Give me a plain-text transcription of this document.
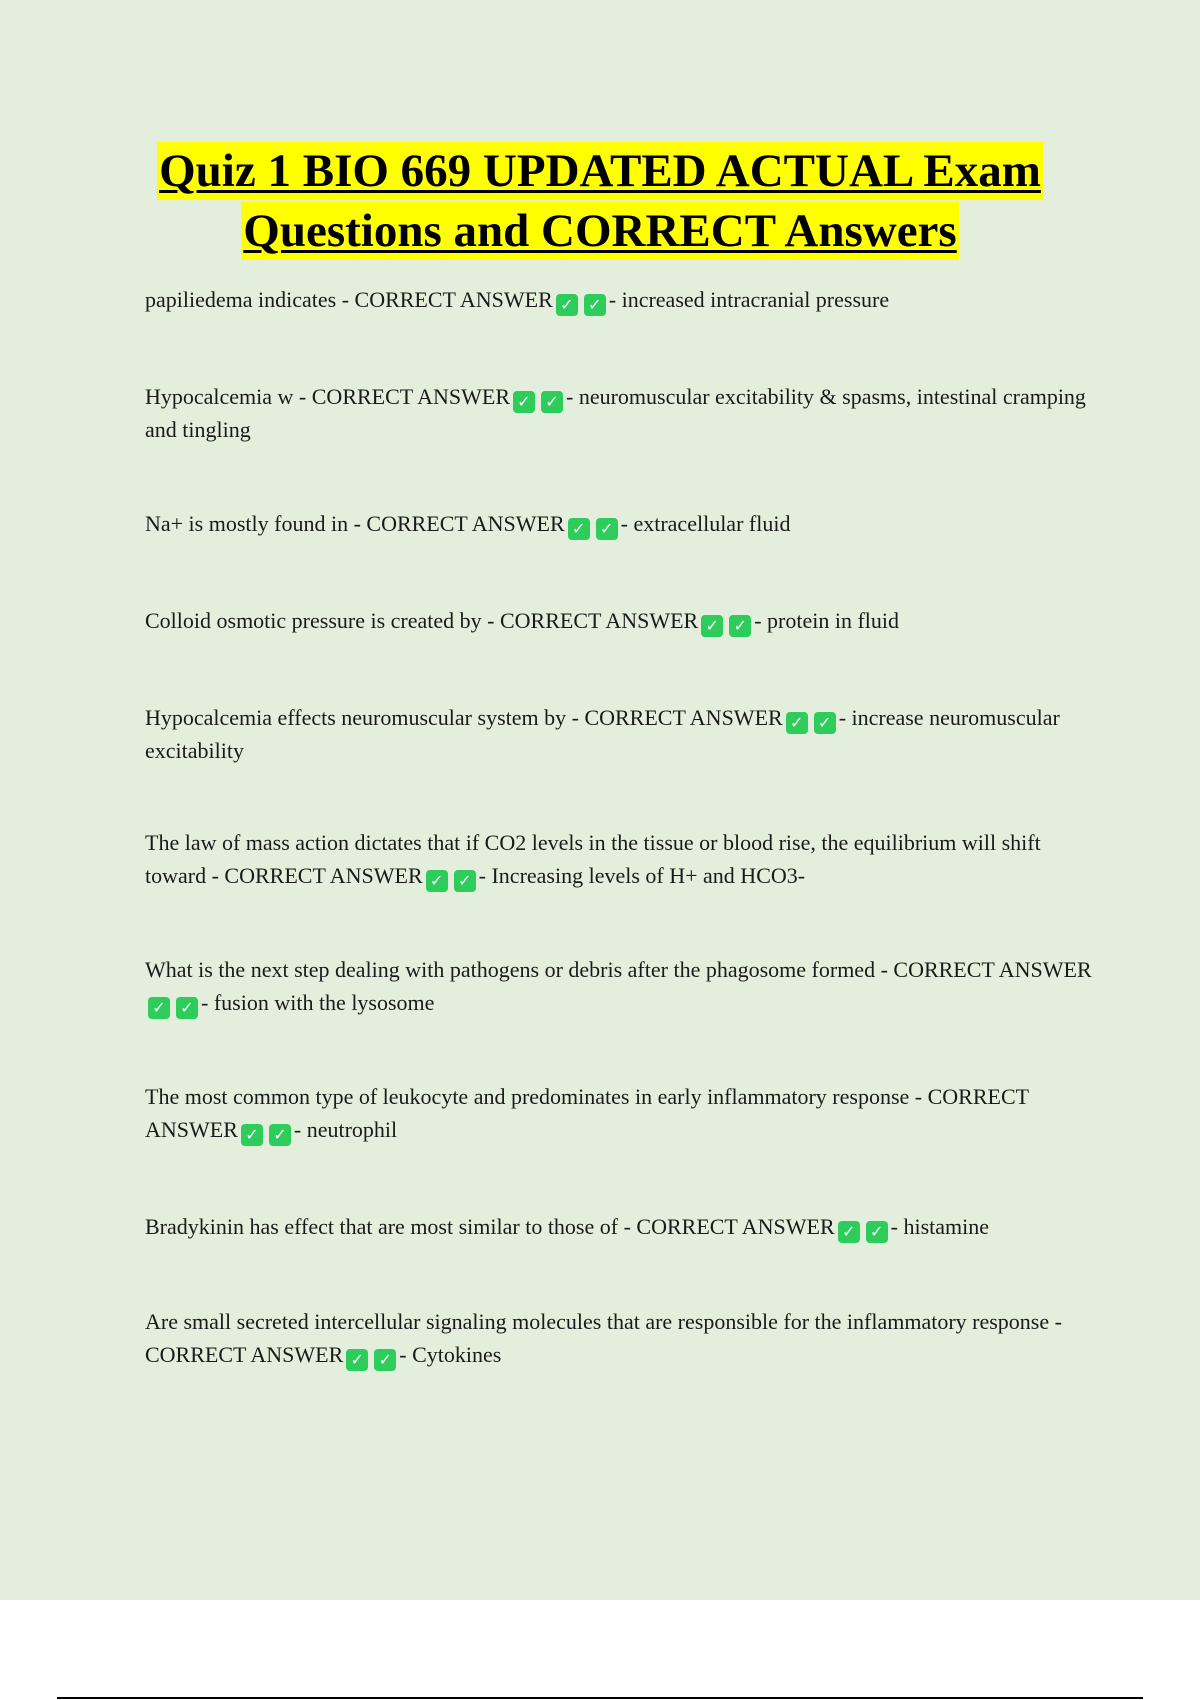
Quiz 1 BIO 669 UPDATED ACTUAL Exam
Questions and CORRECT Answers
papiliedema indicates - CORRECT ANSWER ✓ ✓ - increased intracranial pressure
Hypocalcemia w - CORRECT ANSWER ✓ ✓ - neuromuscular excitability & spasms, intestinal cramping and tingling
Na+ is mostly found in - CORRECT ANSWER ✓ ✓ - extracellular fluid
Colloid osmotic pressure is created by - CORRECT ANSWER ✓ ✓ - protein in fluid
Hypocalcemia effects neuromuscular system by - CORRECT ANSWER ✓ ✓ - increase neuromuscular excitability
The law of mass action dictates that if CO2 levels in the tissue or blood rise, the equilibrium will shift toward - CORRECT ANSWER ✓ ✓ - Increasing levels of H+ and HCO3-
What is the next step dealing with pathogens or debris after the phagosome formed - CORRECT ANSWER✓ ✓ - fusion with the lysosome
The most common type of leukocyte and predominates in early inflammatory response - CORRECT ANSWER ✓ ✓ - neutrophil
Bradykinin has effect that are most similar to those of - CORRECT ANSWER ✓ ✓ - histamine
Are small secreted intercellular signaling molecules that are responsible for the inflammatory response - CORRECT ANSWER ✓ ✓ - Cytokines
